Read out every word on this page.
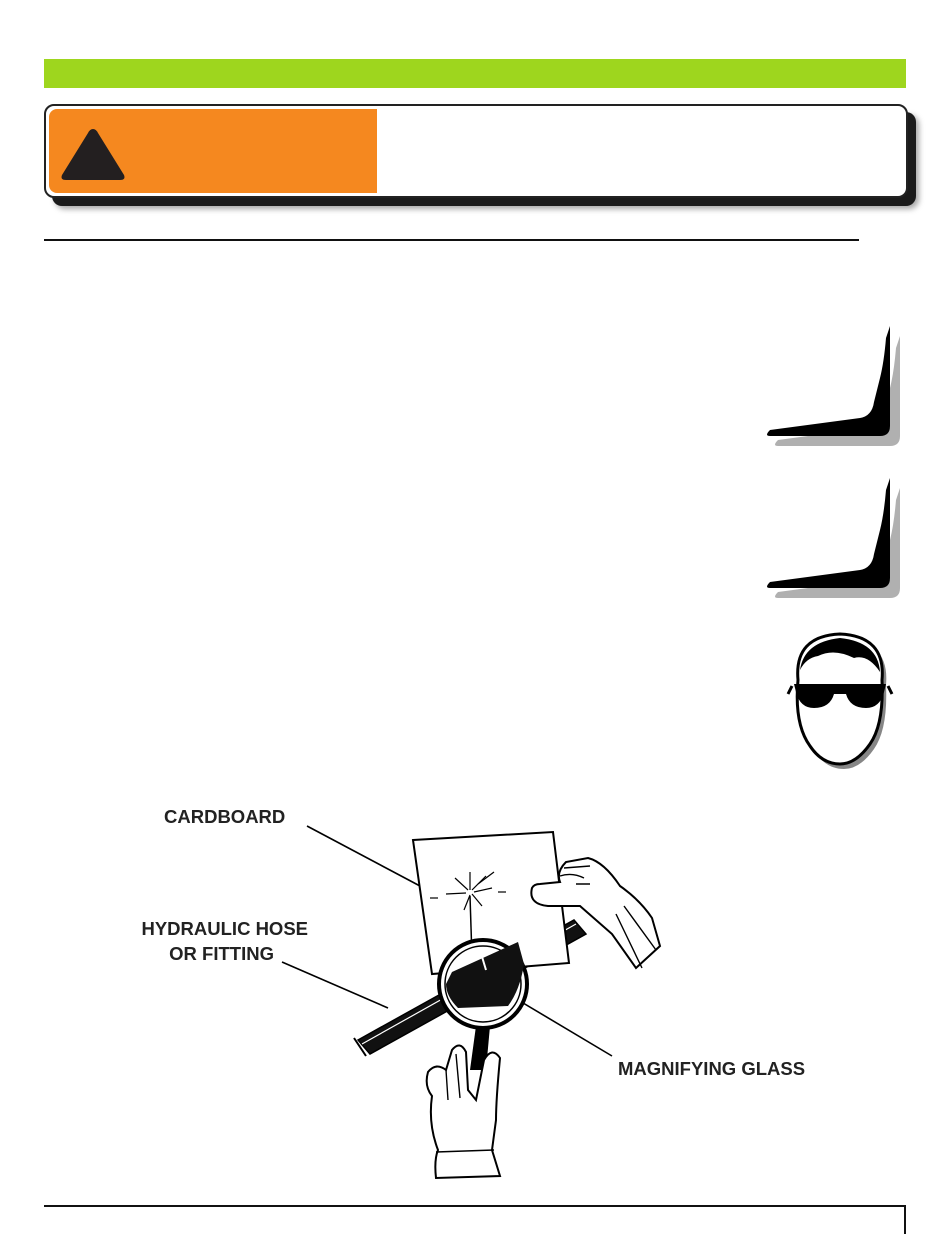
CARDBOARD
HYDRAULIC HOSE
OR FITTING
MAGNIFYING GLASS
